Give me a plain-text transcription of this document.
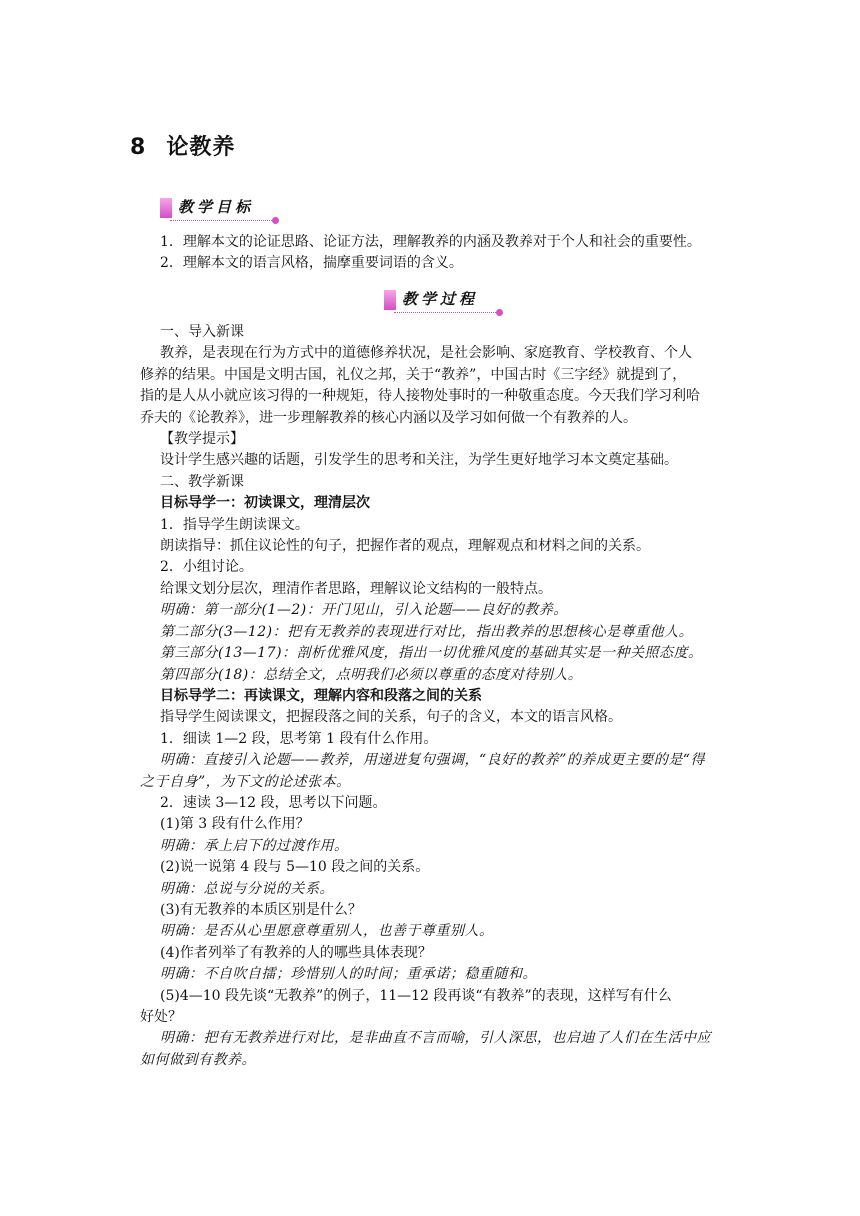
8 论教养
教学目标
教学过程
1．理解本文的论证思路、论证方法，理解教养的内涵及教养对于个人和社会的重要性。
2．理解本文的语言风格，揣摩重要词语的含义。
一、导入新课
教养，是表现在行为方式中的道德修养状况，是社会影响、家庭教育、学校教育、个人
修养的结果。中国是文明古国，礼仪之邦，关于“教养”，中国古时《三字经》就提到了，
指的是人从小就应该习得的一种规矩，待人接物处事时的一种敬重态度。今天我们学习利哈
乔夫的《论教养》，进一步理解教养的核心内涵以及学习如何做一个有教养的人。
【教学提示】
设计学生感兴趣的话题，引发学生的思考和关注，为学生更好地学习本文奠定基础。
二、教学新课
目标导学一：初读课文，理清层次
1．指导学生朗读课文。
朗读指导：抓住议论性的句子，把握作者的观点，理解观点和材料之间的关系。
2．小组讨论。
给课文划分层次，理清作者思路，理解议论文结构的一般特点。
明确：第一部分(1—2)：开门见山，引入论题——良好的教养。
第二部分(3—12)：把有无教养的表现进行对比，指出教养的思想核心是尊重他人。
第三部分(13—17)：剖析优雅风度，指出一切优雅风度的基础其实是一种关照态度。
第四部分(18)：总结全文，点明我们必须以尊重的态度对待别人。
目标导学二：再读课文，理解内容和段落之间的关系
指导学生阅读课文，把握段落之间的关系，句子的含义，本文的语言风格。
1．细读 1—2 段，思考第 1 段有什么作用。
明确：直接引入论题——教养，用递进复句强调，“良好的教养”的养成更主要的是“得
之于自身”，为下文的论述张本。
2．速读 3—12 段，思考以下问题。
(1)第 3 段有什么作用？
明确：承上启下的过渡作用。
(2)说一说第 4 段与 5—10 段之间的关系。
明确：总说与分说的关系。
(3)有无教养的本质区别是什么？
明确：是否从心里愿意尊重别人，也善于尊重别人。
(4)作者列举了有教养的人的哪些具体表现？
明确：不自吹自擂；珍惜别人的时间；重承诺；稳重随和。
(5)4—10 段先谈“无教养”的例子，11—12 段再谈“有教养”的表现，这样写有什么
好处？
明确：把有无教养进行对比，是非曲直不言而喻，引人深思，也启迪了人们在生活中应
如何做到有教养。
